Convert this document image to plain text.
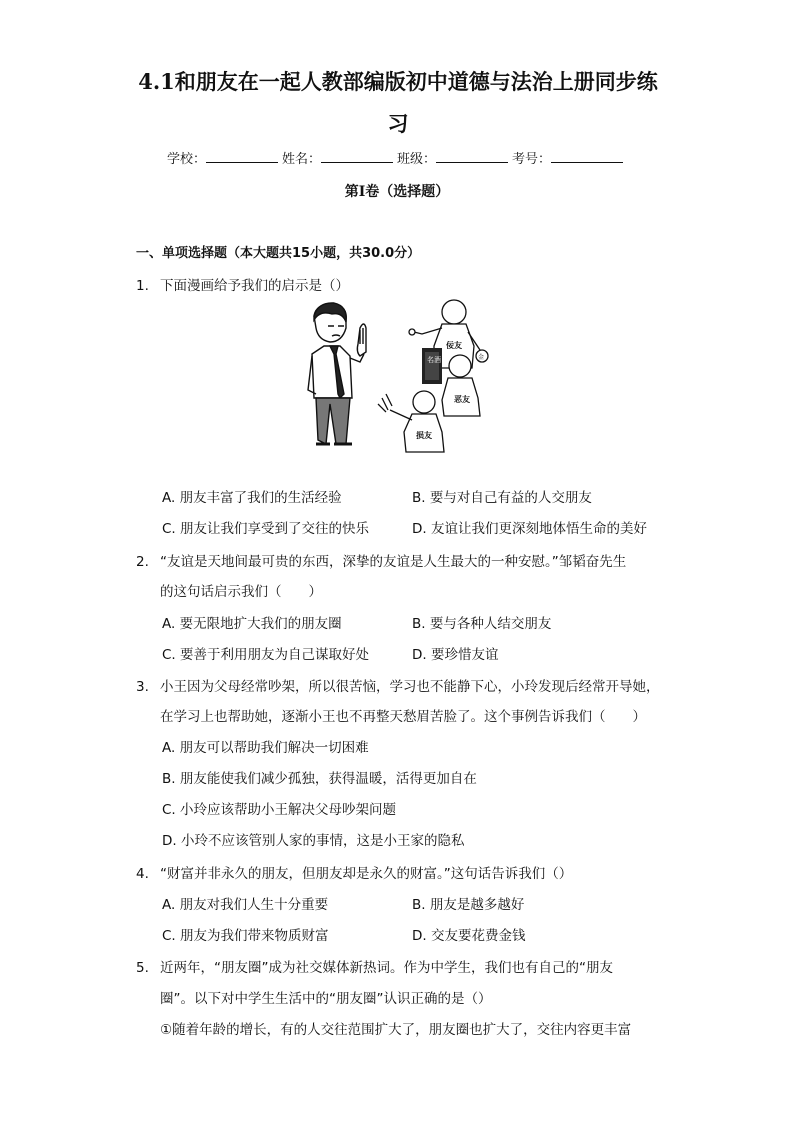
4.1和朋友在一起人教部编版初中道德与法治上册同步练
习
学校：	姓名：	班级：	考号：
第I卷（选择题）
一、单项选择题（本大题共15小题，共30.0分）
1. 下面漫画给予我们的启示是（）
名酒
佞友
恶友
损友
金
A. 朋友丰富了我们的生活经验	B. 要与对自己有益的人交朋友
C. 朋友让我们享受到了交往的快乐	D. 友谊让我们更深刻地体悟生命的美好
2. “友谊是天地间最可贵的东西，深挚的友谊是人生最大的一种安慰。”邹韬奋先生
的这句话启示我们（　　）
A. 要无限地扩大我们的朋友圈	B. 要与各种人结交朋友
C. 要善于利用朋友为自己谋取好处	D. 要珍惜友谊
3. 小王因为父母经常吵架，所以很苦恼，学习也不能静下心，小玲发现后经常开导她，
在学习上也帮助她，逐渐小王也不再整天愁眉苦脸了。这个事例告诉我们（　　）
A. 朋友可以帮助我们解决一切困难
B. 朋友能使我们减少孤独，获得温暖，活得更加自在
C. 小玲应该帮助小王解决父母吵架问题
D. 小玲不应该管别人家的事情，这是小王家的隐私
4. “财富并非永久的朋友，但朋友却是永久的财富。”这句话告诉我们（）
A. 朋友对我们人生十分重要	B. 朋友是越多越好
C. 朋友为我们带来物质财富	D. 交友要花费金钱
5. 近两年，“朋友圈”成为社交媒体新热词。作为中学生，我们也有自己的“朋友
圈”。以下对中学生生活中的“朋友圈”认识正确的是（）
①随着年龄的增长，有的人交往范围扩大了，朋友圈也扩大了，交往内容更丰富
